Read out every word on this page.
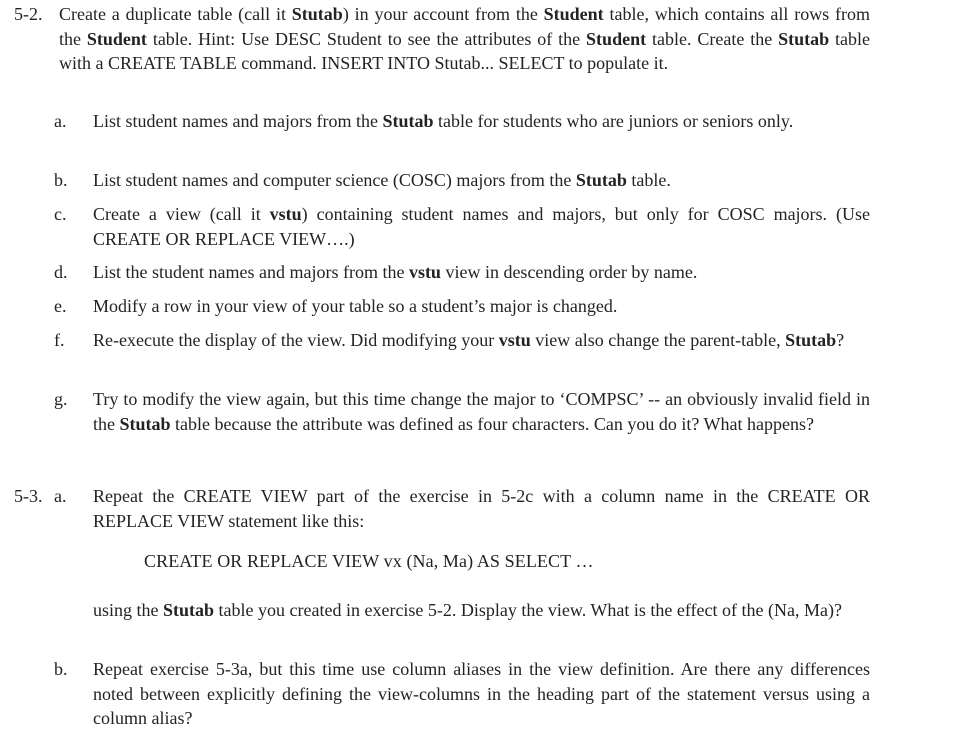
5-2. Create a duplicate table (call it Stutab) in your account from the Student table, which contains all rows from the Student table. Hint: Use DESC Student to see the attributes of the Student table. Create the Stutab table with a CREATE TABLE command. INSERT INTO Stutab... SELECT to populate it.
a.	List student names and majors from the Stutab table for students who are juniors or seniors only.
b.	List student names and computer science (COSC) majors from the Stutab table.
c.	Create a view (call it vstu) containing student names and majors, but only for COSC majors. (Use CREATE OR REPLACE VIEW….)
d.	List the student names and majors from the vstu view in descending order by name.
e.	Modify a row in your view of your table so a student’s major is changed.
f.	Re-execute the display of the view. Did modifying your vstu view also change the parent-table, Stutab?
g.	Try to modify the view again, but this time change the major to ‘COMPSC’ -- an obviously invalid field in the Stutab table because the attribute was defined as four characters. Can you do it? What happens?
5-3. a.	Repeat the CREATE VIEW part of the exercise in 5-2c with a column name in the CREATE OR REPLACE VIEW statement like this:
CREATE OR REPLACE VIEW vx (Na, Ma) AS SELECT …
using the Stutab table you created in exercise 5-2. Display the view. What is the effect of the (Na, Ma)?
b.	Repeat exercise 5-3a, but this time use column aliases in the view definition. Are there any differences noted between explicitly defining the view-columns in the heading part of the statement versus using a column alias?
